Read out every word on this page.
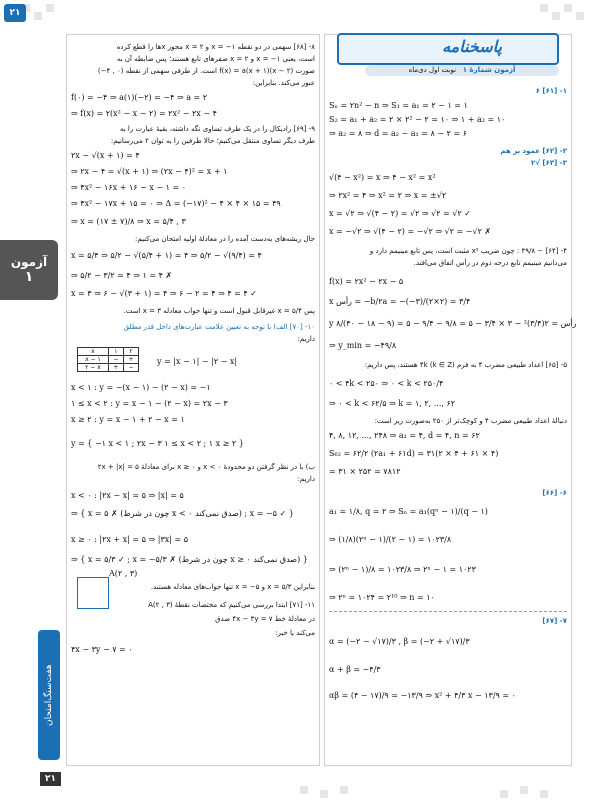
۲۱
آزمون
۱
هفت‌سنگ‌امتحان
۲۱
پاسخنامه
آزمون شمارهٔ ۱   نوبت اول دی‌ماه
۱- [۶۱] ۶
Sₙ = ۲n² − n ⇒ S₁ = a₁ = ۲ − ۱ = ۱
S₂ = a₁ + a₂ = ۲ × ۲² − ۲ = ۱۰ ⇒ ۱ + a₂ = ۱۰
⇒ a₂ = ۸ ⇒ d = a₂ − a₁ = ۸ − ۲ = ۶
۲- [۶۲] عمود بر هم
۳- [۶۳] √۲
√(۴ − x²) = x ⇒ ۴ − x² = x²
⇒ ۲x² = ۴ ⇒ x² = ۲ ⇒ x = ±√۲
x = √۲ ⇒ √(۴ − ۲) = √۲ ⇒ √۲ = √۲ ✓
x = −√۲ ⇒ √(۴ − ۲) = −√۲ ⇒ √۲ = −√۲ ✗
۴- [۶۴] − ۴۹/۸ : چون ضریب x² مثبت است، پس تابع مینیمم دارد و
می‌دانیم مینیمم تابع درجه دوم در رأس اتفاق می‌افتد.
f(x) = ۲x² − ۲x − ۵
x رأس = −b/۲a = −(−۳)/(۲×۲) = ۳/۴
y رأس = ۲(۳/۴)² − ۳ × ۳/۴ − ۵ = ۹/۸ − ۹/۴ − ۵ = (۹ − ۱۸ − ۴۰)/۸
⇒ y_min = −۴۹/۸
۵- [۶۵] اعداد طبیعی مضرب ۴ به فرم ۴k (k ∈ Z) هستند، پس داریم:
۰ < ۴k < ۲۵۰ ⇒ ۰ < k < ۲۵۰/۴
⇒ ۰ < k < ۶۲/۵ ⇒ k = ۱, ۲, ..., ۶۲
دنبالهٔ اعداد طبیعی مضرب ۴ و کوچک‌تر از ۲۵۰ به‌صورت زیر است:
۴, ۸, ۱۲, ..., ۲۴۸ ⇒ a₁ = ۴, d = ۴, n = ۶۲
S₆₂ = ۶۲/۲ (۲a₁ + ۶۱d) = ۳۱(۲ × ۴ + ۶۱ × ۴)
= ۳۱ × ۲۵۲ = ۷۸۱۲
۶- [۶۶]
a₁ = ۱/۸, q = ۲ ⇒ Sₙ = a₁(qⁿ − ۱)/(q − ۱)
⇒ (۱/۸)(۲ⁿ − ۱)/(۲ − ۱) = ۱۰۲۳/۸
⇒ (۲ⁿ − ۱)/۸ = ۱۰۲۳/۸ ⇒ ۲ⁿ − ۱ = ۱۰۲۳
⇒ ۲ⁿ = ۱۰۲۴ = ۲¹⁰ ⇒ n = ۱۰
۷- [۶۷]
α = (−۲ − √۱۷)/۳ , β = (−۲ + √۱۷)/۳
α + β = −۴/۳
αβ = (۴ − ۱۷)/۹ = −۱۳/۹ ⇒ x² + ۴/۳ x − ۱۳/۹ = ۰
۸- [۶۸] سهمی در دو نقطه ۱− = x و ۲ = x محور xها را قطع کرده
است، یعنی ۱− = x و ۲ = x صفرهای تابع هستند؛ پس ضابطه آن به
صورت f(x) = a(x + ۱)(x − ۲) است. از طرفی سهمی از نقطه (۰ , ۴−)
عبور می‌کند. بنابراین:
f(۰) = −۴ ⇒ a(۱)(−۲) = −۴ ⇒ a = ۲
⇒ f(x) = ۲(x² − x − ۲) = ۲x² − ۲x − ۴
۹- [۶۹] رادیکال را در یک طرف تساوی نگه داشته، بقیهٔ عبارت را به
طرف دیگر تساوی منتقل می‌کنیم؛ حالا طرفین را به توان ۲ می‌رسانیم:
۲x − √(x + ۱) = ۴
⇒ ۲x − ۴ = √(x + ۱) ⇒ (۲x − ۴)² = x + ۱
⇒ ۴x² − ۱۶x + ۱۶ − x − ۱ = ۰
⇒ ۴x² − ۱۷x + ۱۵ = ۰ ⇒ Δ = (−۱۷)² − ۴ × ۴ × ۱۵ = ۴۹
⇒ x = (۱۷ ± ۷)/۸ ⇒ x = ۵/۴ , ۳
حال ریشه‌های به‌دست آمده را در معادلهٔ اولیه امتحان می‌کنیم:
x = ۵/۴ ⇒ ۵/۲ − √(۵/۴ + ۱) = ۴ ⇒ ۵/۲ − √(۹/۴) = ۴
⇒ ۵/۲ − ۳/۲ = ۴ ⇒ ۱ = ۴ ✗
x = ۳ ⇒ ۶ − √(۳ + ۱) = ۴ ⇒ ۶ − ۲ = ۴ ⇒ ۴ = ۴ ✓
پس x = ۵/۴ غیرقابل قبول است و تنها جواب معادله x = ۳ است.
۱۰- [۷۰] الف) با توجه به تعیین علامت عبارت‌های داخل قدر مطلق
داریم:
x	۱	۲
x − ۱	−	+
۲ − x	+	−
y = |x − ۱| − |۲ − x|
x < ۱ : y = −(x − ۱) − (۲ − x) = −۱
۱ ≤ x < ۲ : y = x − ۱ − (۲ − x) = ۲x − ۳
x ≥ ۲ : y = x − ۱ + ۲ − x = ۱
y = { −۱ x < ۱ ; ۲x − ۳ ۱ ≤ x < ۲ ; ۱ x ≥ ۲ }
ب) با در نظر گرفتن دو محدودهٔ x < ۰ و x ≥ ۰ برای معادلهٔ ۲x + |x| = ۵
داریم:
x < ۰ : |۲x − x| = ۵ ⇒ |x| = ۵
⇒ { x = ۵ ✗ (چون در شرط x < ۰ صدق نمی‌کند) ; x = −۵ ✓ }
x ≥ ۰ : |۲x + x| = ۵ ⇒ |۳x| = ۵
⇒ { x = ۵/۳ ✓ ; x = −۵/۳ ✗ (چون در شرط x ≥ ۰ صدق نمی‌کند) }
بنابراین x = ۵/۳ و x = −۵ تنها جواب‌های معادله هستند.
۱۱- [۷۱] ابتدا بررسی می‌کنیم که مختصات نقطهٔ A(۲ , ۳)
در معادلهٔ خط ۴x − ۳y = ۷ صدق
می‌کند یا خیر:
۴x − ۳y − ۷ = ۰
A(۲ , ۳)
